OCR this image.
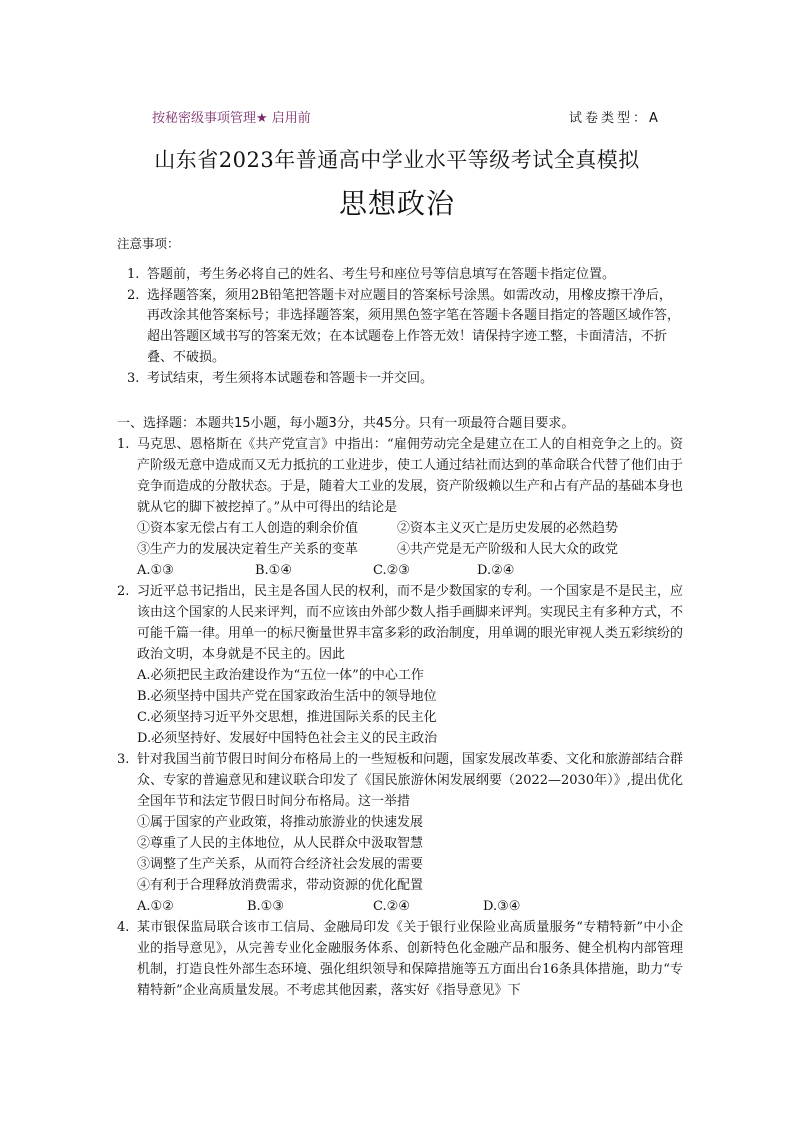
按秘密级事项管理★ 启用前	试卷类型：A
山东省2023年普通高中学业水平等级考试全真模拟
思想政治
注意事项：
1. 答题前，考生务必将自己的姓名、考生号和座位号等信息填写在答题卡指定位置。
2. 选择题答案，须用2B铅笔把答题卡对应题目的答案标号涂黑。如需改动，用橡皮擦干净后，再改涂其他答案标号；非选择题答案，须用黑色签字笔在答题卡各题目指定的答题区域作答，超出答题区域书写的答案无效；在本试题卷上作答无效！请保持字迹工整，卡面清洁，不折叠、不破损。
3. 考试结束，考生须将本试题卷和答题卡一并交回。
一、选择题：本题共15小题，每小题3分，共45分。只有一项最符合题目要求。
1. 马克思、恩格斯在《共产党宣言》中指出：“雇佣劳动完全是建立在工人的自相竞争之上的。资产阶级无意中造成而又无力抵抗的工业进步，使工人通过结社而达到的革命联合代替了他们由于竞争而造成的分散状态。于是，随着大工业的发展，资产阶级赖以生产和占有产品的基础本身也就从它的脚下被挖掉了。”从中可得出的结论是
①资本家无偿占有工人创造的剩余价值	②资本主义灭亡是历史发展的必然趋势
③生产力的发展决定着生产关系的变革	④共产党是无产阶级和人民大众的政党
A.①③	B.①④	C.②③	D.②④
2. 习近平总书记指出，民主是各国人民的权利，而不是少数国家的专利。一个国家是不是民主，应该由这个国家的人民来评判，而不应该由外部少数人指手画脚来评判。实现民主有多种方式，不可能千篇一律。用单一的标尺衡量世界丰富多彩的政治制度，用单调的眼光审视人类五彩缤纷的政治文明，本身就是不民主的。因此
A.必须把民主政治建设作为“五位一体”的中心工作
B.必须坚持中国共产党在国家政治生活中的领导地位
C.必须坚持习近平外交思想，推进国际关系的民主化
D.必须坚持好、发展好中国特色社会主义的民主政治
3. 针对我国当前节假日时间分布格局上的一些短板和问题，国家发展改革委、文化和旅游部结合群众、专家的普遍意见和建议联合印发了《国民旅游休闲发展纲要（2022—2030年）》,提出优化全国年节和法定节假日时间分布格局。这一举措
①属于国家的产业政策，将推动旅游业的快速发展
②尊重了人民的主体地位，从人民群众中汲取智慧
③调整了生产关系，从而符合经济社会发展的需要
④有利于合理释放消费需求，带动资源的优化配置
A.①②	B.①③	C.②④	D.③④
4. 某市银保监局联合该市工信局、金融局印发《关于银行业保险业高质量服务“专精特新”中小企业的指导意见》，从完善专业化金融服务体系、创新特色化金融产品和服务、健全机构内部管理机制，打造良性外部生态环境、强化组织领导和保障措施等五方面出台16条具体措施，助力“专精特新”企业高质量发展。不考虑其他因素，落实好《指导意见》下
